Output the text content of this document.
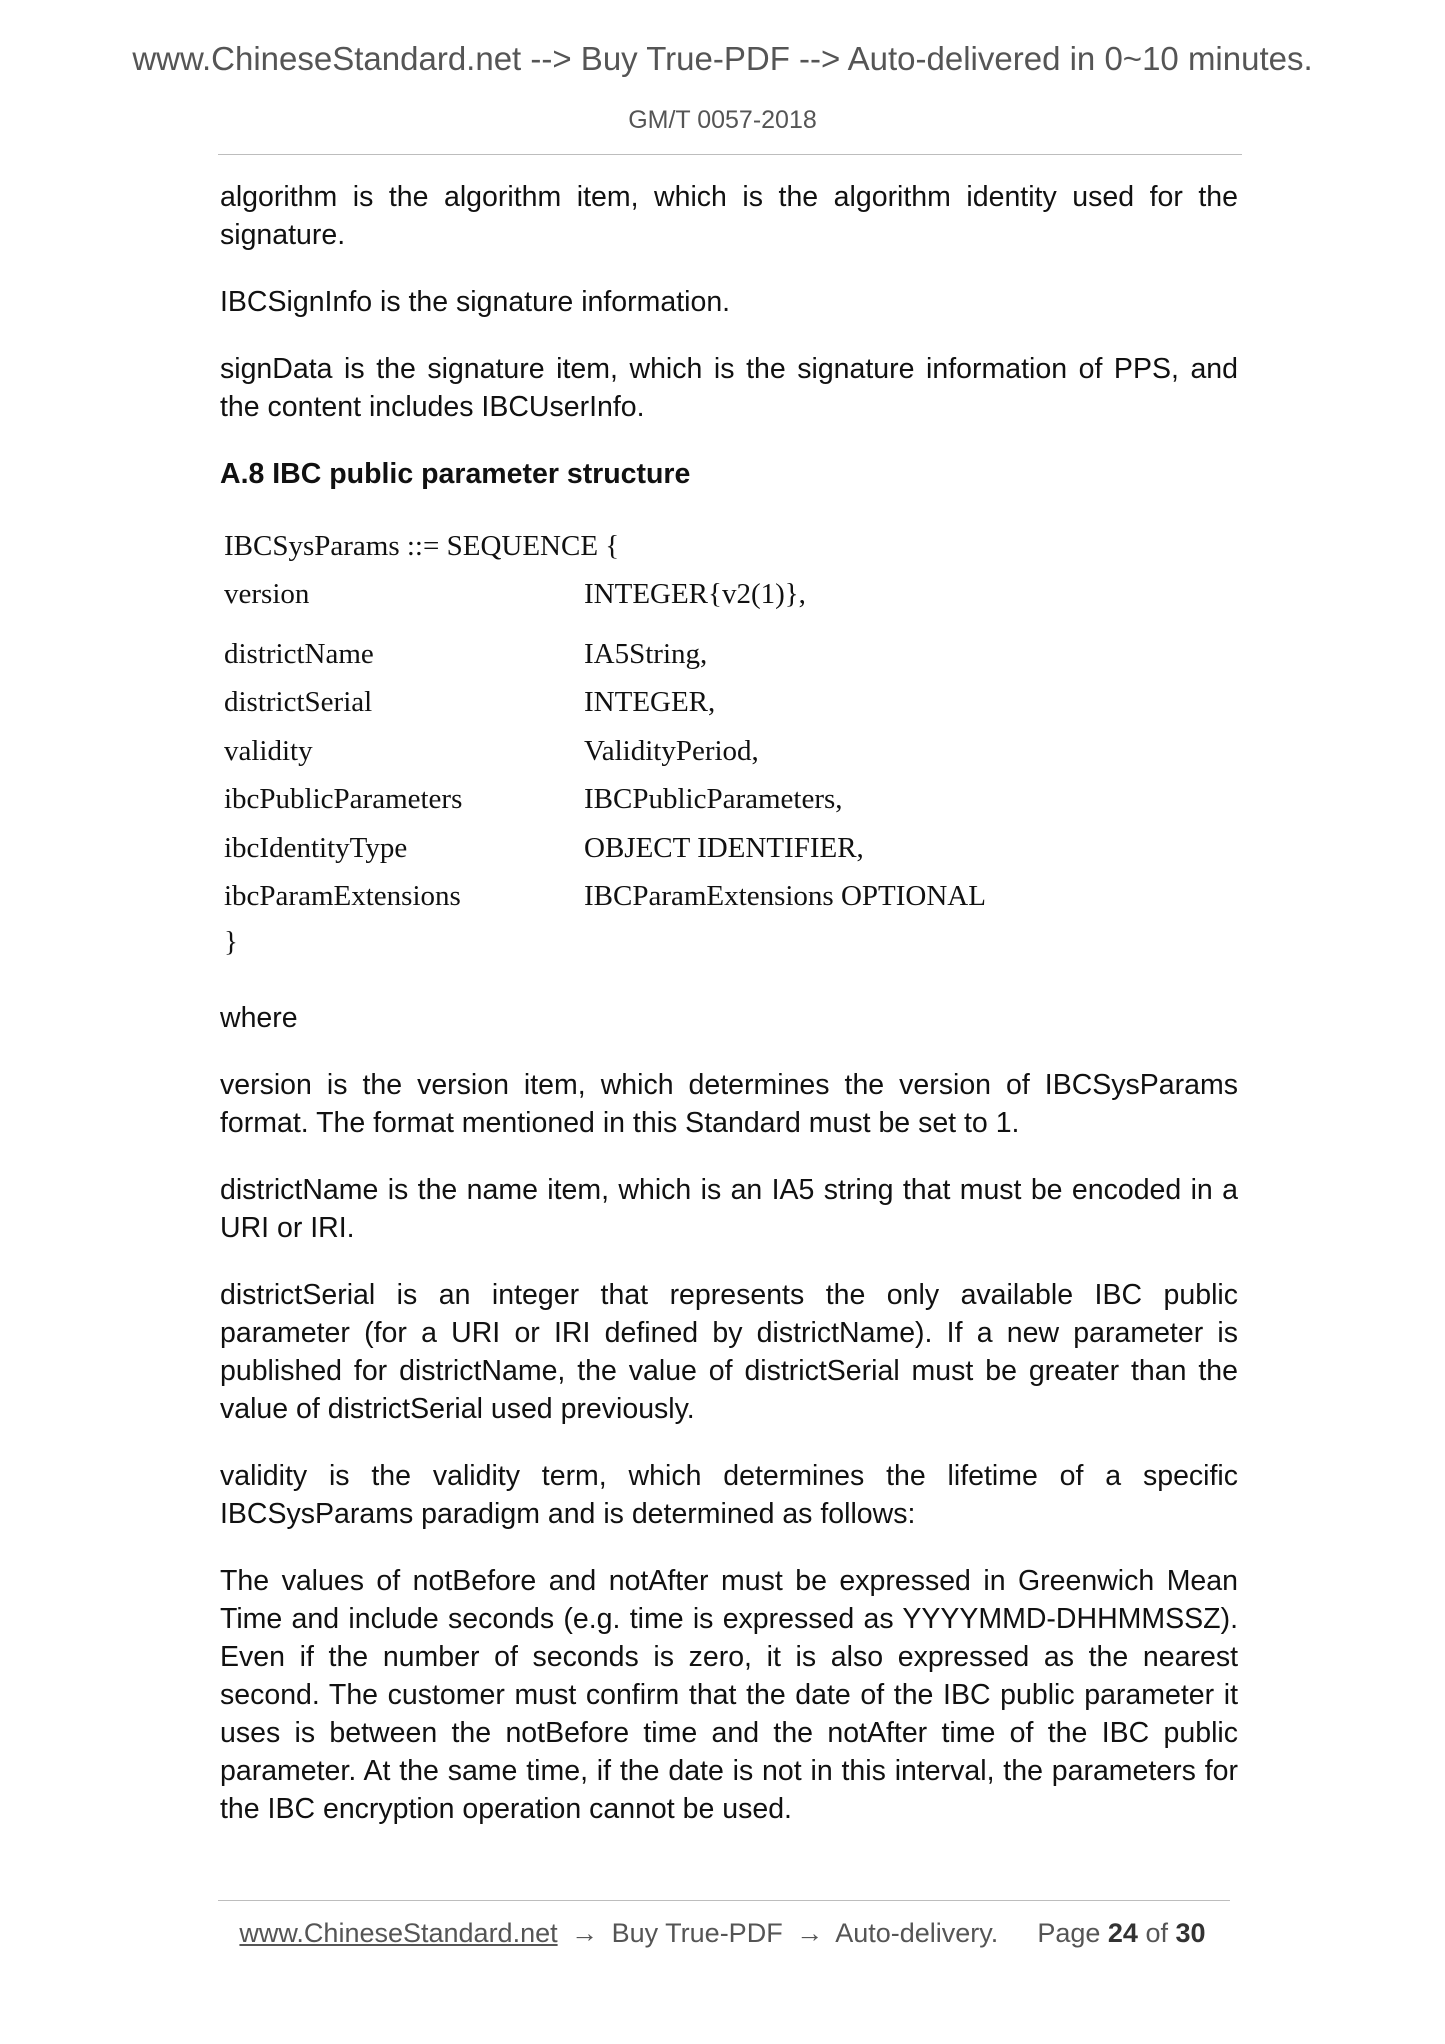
www.ChineseStandard.net --> Buy True-PDF --> Auto-delivered in 0~10 minutes.
GM/T 0057-2018

algorithm is the algorithm item, which is the algorithm identity used for the signature.

IBCSignInfo is the signature information.

signData is the signature item, which is the signature information of PPS, and the content includes IBCUserInfo.

A.8 IBC public parameter structure
IBCSysParams ::= SEQUENCE {
version	INTEGER{v2(1)},
districtName	IA5String,
districtSerial	INTEGER,
validity	ValidityPeriod,
ibcPublicParameters	IBCPublicParameters,
ibcIdentityType	OBJECT IDENTIFIER,
ibcParamExtensions	IBCParamExtensions OPTIONAL
}

where

version is the version item, which determines the version of IBCSysParams format. The format mentioned in this Standard must be set to 1.

districtName is the name item, which is an IA5 string that must be encoded in a URI or IRI.

districtSerial is an integer that represents the only available IBC public parameter (for a URI or IRI defined by districtName). If a new parameter is published for districtName, the value of districtSerial must be greater than the value of districtSerial used previously.

validity is the validity term, which determines the lifetime of a specific IBCSysParams paradigm and is determined as follows:

The values of notBefore and notAfter must be expressed in Greenwich Mean Time and include seconds (e.g. time is expressed as YYYYMMD-DHHMMSSZ). Even if the number of seconds is zero, it is also expressed as the nearest second. The customer must confirm that the date of the IBC public parameter it uses is between the notBefore time and the notAfter time of the IBC public parameter. At the same time, if the date is not in this interval, the parameters for the IBC encryption operation cannot be used.

www.ChineseStandard.net → Buy True-PDF → Auto-delivery. Page 24 of 30
